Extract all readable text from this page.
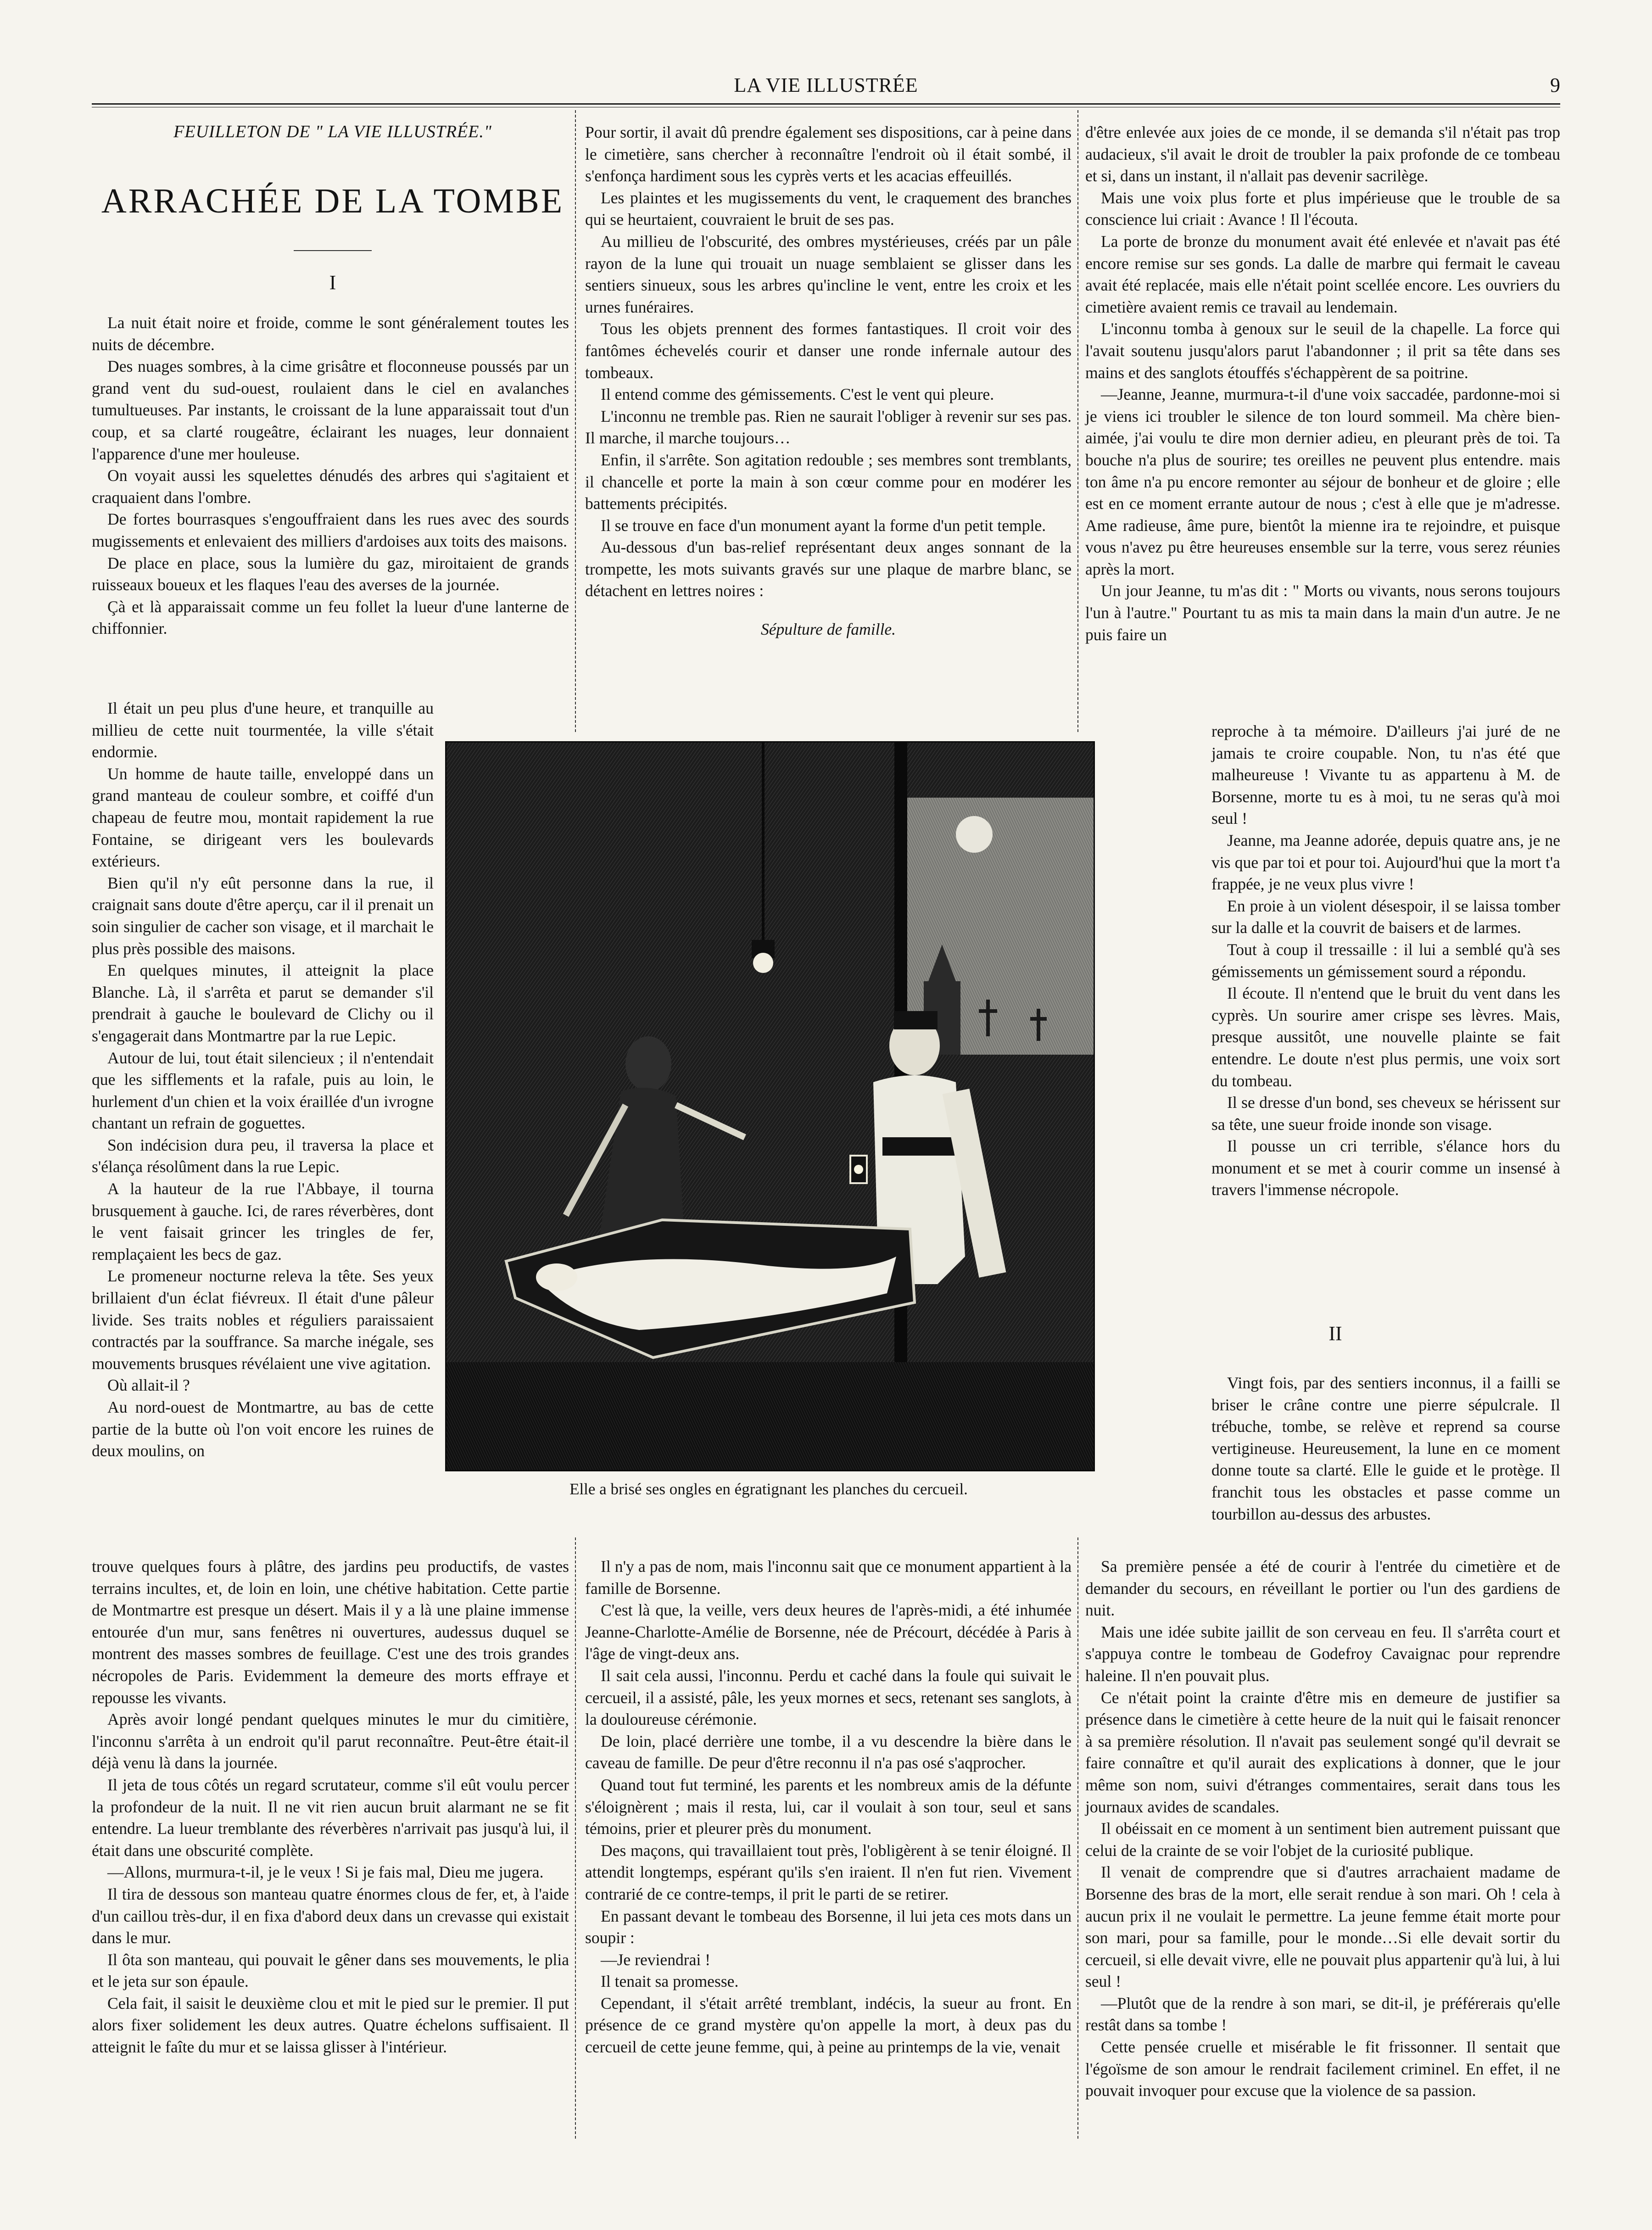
LA VIE ILLUSTRÉE	9
FEUILLETON DE " LA VIE ILLUSTRÉE."
ARRACHÉE DE LA TOMBE
I

La nuit était noire et froide, comme le sont généralement toutes les nuits de décembre.

Des nuages sombres, à la cime grisâtre et floconneuse poussés par un grand vent du sud-ouest, roulaient dans le ciel en avalanches tumultueuses. Par instants, le croissant de la lune apparaissait tout d'un coup, et sa clarté rougeâtre, éclairant les nuages, leur donnaient l'apparence d'une mer houleuse.

On voyait aussi les squelettes dénudés des arbres qui s'agitaient et craquaient dans l'ombre.

De fortes bourrasques s'engouffraient dans les rues avec des sourds mugissements et enlevaient des milliers d'ardoises aux toits des maisons.

De place en place, sous la lumière du gaz, miroitaient de grands ruisseaux boueux et les flaques l'eau des averses de la journée.

Çà et là apparaissait comme un feu follet la lueur d'une lanterne de chiffonnier.

Il était un peu plus d'une heure, et tranquille au millieu de cette nuit tourmentée, la ville s'était endormie.

Un homme de haute taille, enveloppé dans un grand manteau de couleur sombre, et coiffé d'un chapeau de feutre mou, montait rapidement la rue Fontaine, se dirigeant vers les boulevards extérieurs.

Bien qu'il n'y eût personne dans la rue, il craignait sans doute d'être aperçu, car il il prenait un soin singulier de cacher son visage, et il marchait le plus près possible des maisons.

En quelques minutes, il atteignit la place Blanche. Là, il s'arrêta et parut se demander s'il prendrait à gauche le boulevard de Clichy ou il s'engagerait dans Montmartre par la rue Lepic.

Autour de lui, tout était silencieux ; il n'entendait que les sifflements et la rafale, puis au loin, le hurlement d'un chien et la voix éraillée d'un ivrogne chantant un refrain de goguettes.

Son indécision dura peu, il traversa la place et s'élança résolûment dans la rue Lepic.

A la hauteur de la rue l'Abbaye, il tourna brusquement à gauche. Ici, de rares réverbères, dont le vent faisait grincer les tringles de fer, remplaçaient les becs de gaz.

Le promeneur nocturne releva la tête. Ses yeux brillaient d'un éclat fiévreux. Il était d'une pâleur livide. Ses traits nobles et réguliers paraissaient contractés par la souffrance. Sa marche inégale, ses mouvements brusques révélaient une vive agitation.

Où allait-il ?

Au nord-ouest de Montmartre, au bas de cette partie de la butte où l'on voit encore les ruines de deux moulins, on

trouve quelques fours à plâtre, des jardins peu productifs, de vastes terrains incultes, et, de loin en loin, une chétive habitation. Cette partie de Montmartre est presque un désert. Mais il y a là une plaine immense entourée d'un mur, sans fenêtres ni ouvertures, audessus duquel se montrent des masses sombres de feuillage. C'est une des trois grandes nécropoles de Paris. Evidemment la demeure des morts effraye et repousse les vivants.

Après avoir longé pendant quelques minutes le mur du cimitière, l'inconnu s'arrêta à un endroit qu'il parut reconnaître. Peut-être était-il déjà venu là dans la journée.

Il jeta de tous côtés un regard scrutateur, comme s'il eût voulu percer la profondeur de la nuit. Il ne vit rien aucun bruit alarmant ne se fit entendre. La lueur tremblante des réverbères n'arrivait pas jusqu'à lui, il était dans une obscurité complète.

—Allons, murmura-t-il, je le veux ! Si je fais mal, Dieu me jugera.

Il tira de dessous son manteau quatre énormes clous de fer, et, à l'aide d'un caillou très-dur, il en fixa d'abord deux dans un crevasse qui existait dans le mur.

Il ôta son manteau, qui pouvait le gêner dans ses mouvements, le plia et le jeta sur son épaule.

Cela fait, il saisit le deuxième clou et mit le pied sur le premier. Il put alors fixer solidement les deux autres. Quatre échelons suffisaient. Il atteignit le faîte du mur et se laissa glisser à l'intérieur.

Pour sortir, il avait dû prendre également ses dispositions, car à peine dans le cimetière, sans chercher à reconnaître l'endroit où il était sombé, il s'enfonça hardiment sous les cyprès verts et les acacias effeuillés.

Les plaintes et les mugissements du vent, le craquement des branches qui se heurtaient, couvraient le bruit de ses pas.

Au millieu de l'obscurité, des ombres mystérieuses, créés par un pâle rayon de la lune qui trouait un nuage semblaient se glisser dans les sentiers sinueux, sous les arbres qu'incline le vent, entre les croix et les urnes funéraires.

Tous les objets prennent des formes fantastiques. Il croit voir des fantômes échevelés courir et danser une ronde infernale autour des tombeaux.

Il entend comme des gémissements. C'est le vent qui pleure.

L'inconnu ne tremble pas. Rien ne saurait l'obliger à revenir sur ses pas. Il marche, il marche toujours…

Enfin, il s'arrête. Son agitation redouble ; ses membres sont tremblants, il chancelle et porte la main à son cœur comme pour en modérer les battements précipités.

Il se trouve en face d'un monument ayant la forme d'un petit temple.

Au-dessous d'un bas-relief représentant deux anges sonnant de la trompette, les mots suivants gravés sur une plaque de marbre blanc, se détachent en lettres noires :

Sépulture de famille.

d'être enlevée aux joies de ce monde, il se demanda s'il n'était pas trop audacieux, s'il avait le droit de troubler la paix profonde de ce tombeau et si, dans un instant, il n'allait pas devenir sacrilège.

Mais une voix plus forte et plus impérieuse que le trouble de sa conscience lui criait : Avance ! Il l'écouta.

La porte de bronze du monument avait été enlevée et n'avait pas été encore remise sur ses gonds. La dalle de marbre qui fermait le caveau avait été replacée, mais elle n'était point scellée encore. Les ouvriers du cimetière avaient remis ce travail au lendemain.

L'inconnu tomba à genoux sur le seuil de la chapelle. La force qui l'avait soutenu jusqu'alors parut l'abandonner ; il prit sa tête dans ses mains et des sanglots étouffés s'échappèrent de sa poitrine.

—Jeanne, Jeanne, murmura-t-il d'une voix saccadée, pardonne-moi si je viens ici troubler le silence de ton lourd sommeil. Ma chère bien-aimée, j'ai voulu te dire mon dernier adieu, en pleurant près de toi. Ta bouche n'a plus de sourire; tes oreilles ne peuvent plus entendre. mais ton âme n'a pu encore remonter au séjour de bonheur et de gloire ; elle est en ce moment errante autour de nous ; c'est à elle que je m'adresse. Ame radieuse, âme pure, bientôt la mienne ira te rejoindre, et puisque vous n'avez pu être heureuses ensemble sur la terre, vous serez réunies après la mort.

Un jour Jeanne, tu m'as dit : " Morts ou vivants, nous serons toujours l'un à l'autre." Pourtant tu as mis ta main dans la main d'un autre. Je ne puis faire un

reproche à ta mémoire. D'ailleurs j'ai juré de ne jamais te croire coupable. Non, tu n'as été que malheureuse ! Vivante tu as appartenu à M. de Borsenne, morte tu es à moi, tu ne seras qu'à moi seul !

Jeanne, ma Jeanne adorée, depuis quatre ans, je ne vis que par toi et pour toi. Aujourd'hui que la mort t'a frappée, je ne veux plus vivre !

En proie à un violent désespoir, il se laissa tomber sur la dalle et la couvrit de baisers et de larmes.

Tout à coup il tressaille : il lui a semblé qu'à ses gémissements un gémissement sourd a répondu.

Il écoute. Il n'entend que le bruit du vent dans les cyprès. Un sourire amer crispe ses lèvres. Mais, presque aussitôt, une nouvelle plainte se fait entendre. Le doute n'est plus permis, une voix sort du tombeau.

Il se dresse d'un bond, ses cheveux se hérissent sur sa tête, une sueur froide inonde son visage.

Il pousse un cri terrible, s'élance hors du monument et se met à courir comme un insensé à travers l'immense nécropole.

II

Vingt fois, par des sentiers inconnus, il a failli se briser le crâne contre une pierre sépulcrale. Il trébuche, tombe, se relève et reprend sa course vertigineuse. Heureusement, la lune en ce moment donne toute sa clarté. Elle le guide et le protège. Il franchit tous les obstacles et passe comme un tourbillon au-dessus des arbustes.

Elle a brisé ses ongles en égratignant les planches du cercueil.

Il n'y a pas de nom, mais l'inconnu sait que ce monument appartient à la famille de Borsenne.

C'est là que, la veille, vers deux heures de l'après-midi, a été inhumée Jeanne-Charlotte-Amélie de Borsenne, née de Précourt, décédée à Paris à l'âge de vingt-deux ans.

Il sait cela aussi, l'inconnu. Perdu et caché dans la foule qui suivait le cercueil, il a assisté, pâle, les yeux mornes et secs, retenant ses sanglots, à la douloureuse cérémonie.

De loin, placé derrière une tombe, il a vu descendre la bière dans le caveau de famille. De peur d'être reconnu il n'a pas osé s'aqprocher.

Quand tout fut terminé, les parents et les nombreux amis de la défunte s'éloignèrent ; mais il resta, lui, car il voulait à son tour, seul et sans témoins, prier et pleurer près du monument.

Des maçons, qui travaillaient tout près, l'obligèrent à se tenir éloigné. Il attendit longtemps, espérant qu'ils s'en iraient. Il n'en fut rien. Vivement contrarié de ce contre-temps, il prit le parti de se retirer.

En passant devant le tombeau des Borsenne, il lui jeta ces mots dans un soupir :

—Je reviendrai !

Il tenait sa promesse.

Cependant, il s'était arrêté tremblant, indécis, la sueur au front. En présence de ce grand mystère qu'on appelle la mort, à deux pas du cercueil de cette jeune femme, qui, à peine au printemps de la vie, venait

Sa première pensée a été de courir à l'entrée du cimetière et de demander du secours, en réveillant le portier ou l'un des gardiens de nuit.

Mais une idée subite jaillit de son cerveau en feu. Il s'arrêta court et s'appuya contre le tombeau de Godefroy Cavaignac pour reprendre haleine. Il n'en pouvait plus.

Ce n'était point la crainte d'être mis en demeure de justifier sa présence dans le cimetière à cette heure de la nuit qui le faisait renoncer à sa première résolution. Il n'avait pas seulement songé qu'il devrait se faire connaître et qu'il aurait des explications à donner, que le jour même son nom, suivi d'étranges commentaires, serait dans tous les journaux avides de scandales.

Il obéissait en ce moment à un sentiment bien autrement puissant que celui de la crainte de se voir l'objet de la curiosité publique.

Il venait de comprendre que si d'autres arrachaient madame de Borsenne des bras de la mort, elle serait rendue à son mari. Oh ! cela à aucun prix il ne voulait le permettre. La jeune femme était morte pour son mari, pour sa famille, pour le monde…Si elle devait sortir du cercueil, si elle devait vivre, elle ne pouvait plus appartenir qu'à lui, à lui seul !

—Plutôt que de la rendre à son mari, se dit-il, je préférerais qu'elle restât dans sa tombe !

Cette pensée cruelle et misérable le fit frissonner. Il sentait que l'égoïsme de son amour le rendrait facilement criminel. En effet, il ne pouvait invoquer pour excuse que la violence de sa passion.
